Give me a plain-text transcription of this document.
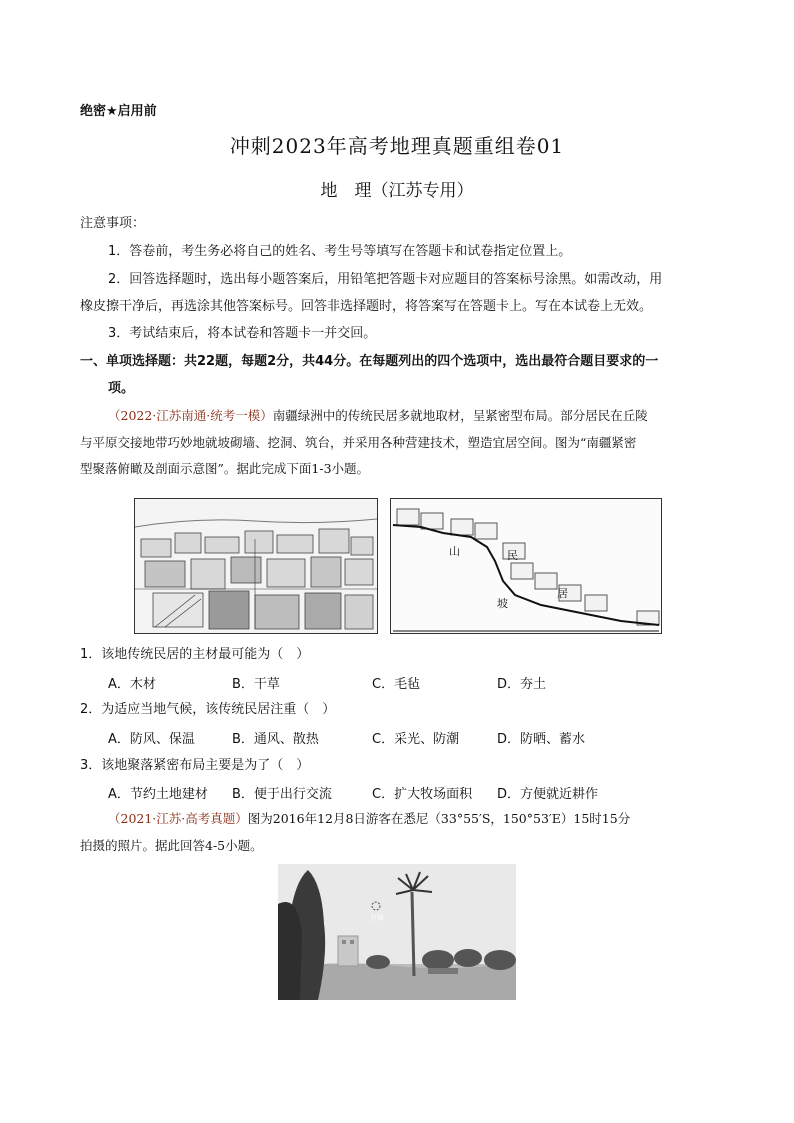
绝密★启用前
冲刺2023年高考地理真题重组卷01
地　理（江苏专用）
注意事项：
1．答卷前，考生务必将自己的姓名、考生号等填写在答题卡和试卷指定位置上。
2．回答选择题时，选出每小题答案后，用铅笔把答题卡对应题目的答案标号涂黑。如需改动，用
橡皮擦干净后，再选涂其他答案标号。回答非选择题时，将答案写在答题卡上。写在本试卷上无效。
3．考试结束后，将本试卷和答题卡一并交回。
一、单项选择题：共22题，每题2分，共44分。在每题列出的四个选项中，选出最符合题目要求的一
项。
（2022·江苏南通·统考一模）南疆绿洲中的传统民居多就地取材，呈紧密型布局。部分居民在丘陵
与平原交接地带巧妙地就坡砌墙、挖洞、筑台，并采用各种营建技术，塑造宜居空间。图为“南疆紧密
型聚落俯瞰及剖面示意图”。据此完成下面1-3小题。
山	民
坡
居
1．该地传统民居的主材最可能为（　）
A．木材	B．干草	C．毛毡	D．夯土
2．为适应当地气候，该传统民居注重（　）
A．防风、保温	B．通风、散热	C．采光、防潮	D．防晒、蓄水
3．该地聚落紧密布局主要是为了（　）
A．节约土地建材 B．便于出行交流	C．扩大牧场面积 D．方便就近耕作
（2021·江苏·高考真题）图为2016年12月8日游客在悉尼（33°55′S，150°53′E）15时15分
拍摄的照片。据此回答4-5小题。
月球
